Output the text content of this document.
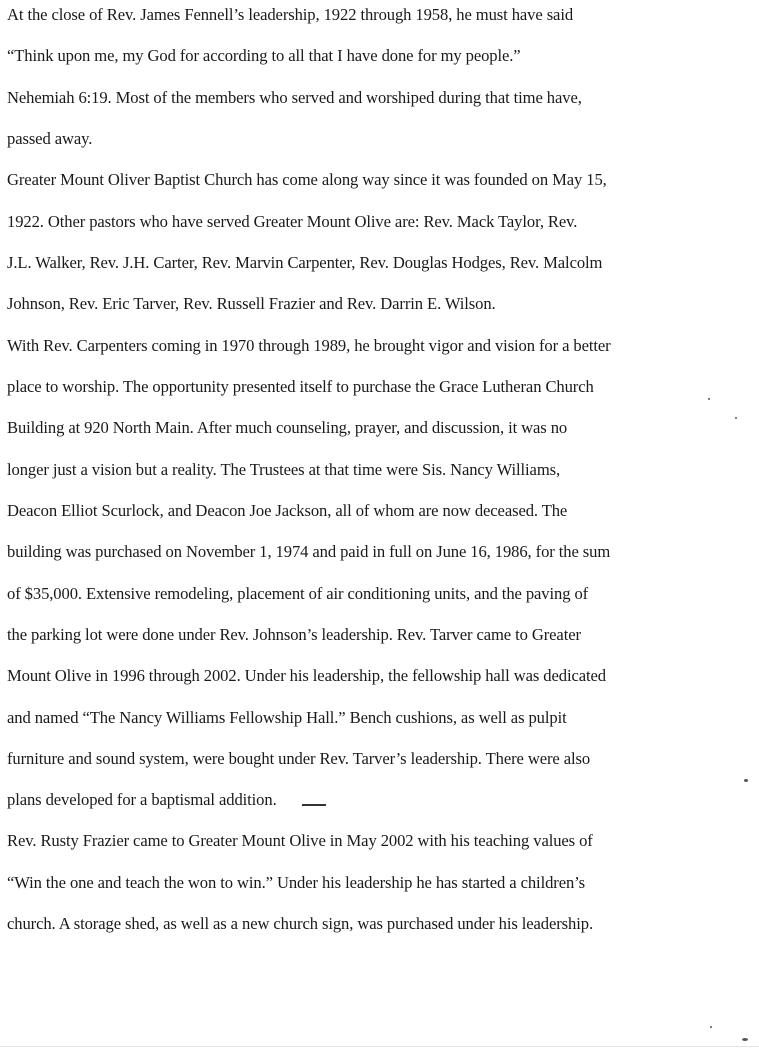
At the close of Rev. James Fennell’s leadership, 1922 through 1958, he must have said
“Think upon me, my God for according to all that I have done for my people.”
Nehemiah 6:19. Most of the members who served and worshiped during that time have,
passed away.
Greater Mount Oliver Baptist Church has come along way since it was founded on May 15,
1922. Other pastors who have served Greater Mount Olive are: Rev. Mack Taylor, Rev.
J.L. Walker, Rev. J.H. Carter, Rev. Marvin Carpenter, Rev. Douglas Hodges, Rev. Malcolm
Johnson, Rev. Eric Tarver, Rev. Russell Frazier and Rev. Darrin E. Wilson.
With Rev. Carpenters coming in 1970 through 1989, he brought vigor and vision for a better
place to worship. The opportunity presented itself to purchase the Grace Lutheran Church
Building at 920 North Main. After much counseling, prayer, and discussion, it was no
longer just a vision but a reality. The Trustees at that time were Sis. Nancy Williams,
Deacon Elliot Scurlock, and Deacon Joe Jackson, all of whom are now deceased. The
building was purchased on November 1, 1974 and paid in full on June 16, 1986, for the sum
of $35,000. Extensive remodeling, placement of air conditioning units, and the paving of
the parking lot were done under Rev. Johnson’s leadership. Rev. Tarver came to Greater
Mount Olive in 1996 through 2002. Under his leadership, the fellowship hall was dedicated
and named “The Nancy Williams Fellowship Hall.” Bench cushions, as well as pulpit
furniture and sound system, were bought under Rev. Tarver’s leadership. There were also
plans developed for a baptismal addition.
Rev. Rusty Frazier came to Greater Mount Olive in May 2002 with his teaching values of
“Win the one and teach the won to win.” Under his leadership he has started a children’s
church. A storage shed, as well as a new church sign, was purchased under his leadership.
